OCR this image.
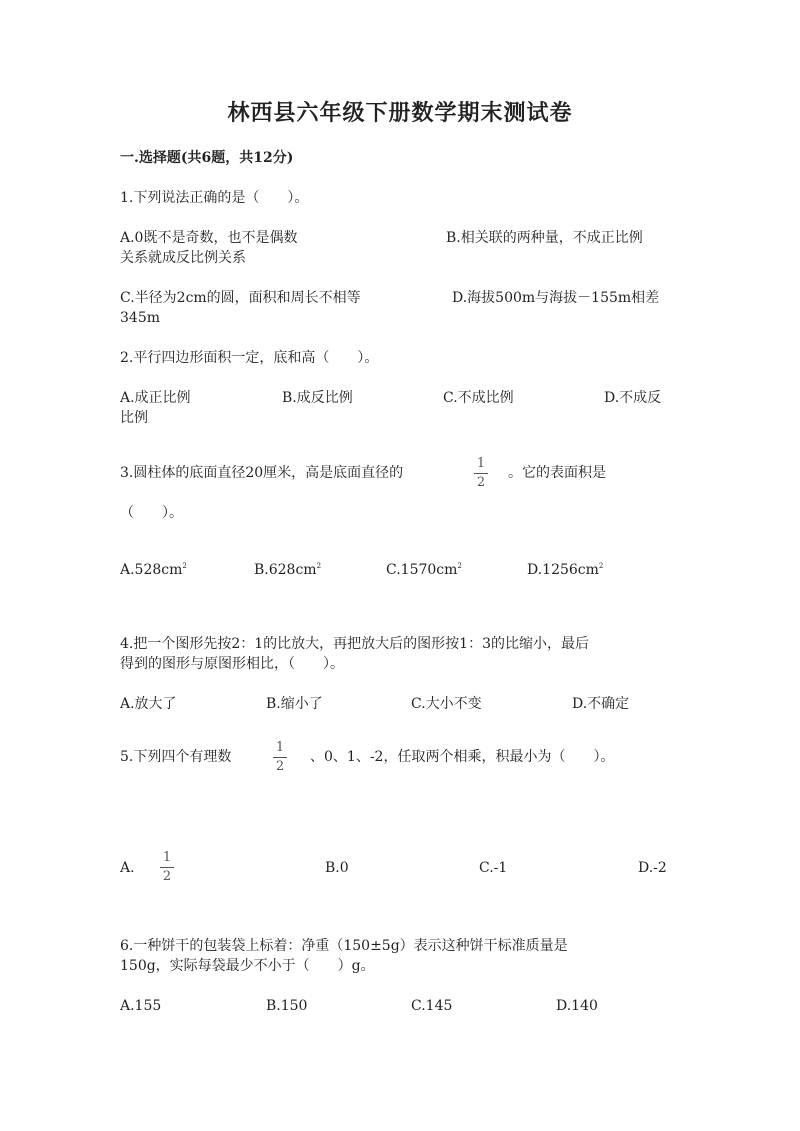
林西县六年级下册数学期末测试卷
一.选择题(共6题，共12分)
1.下列说法正确的是（　　）。
A.0既不是奇数，也不是偶数	B.相关联的两种量，不成正比例
关系就成反比例关系
C.半径为2cm的圆，面积和周长不相等	D.海拔500m与海拔－155m相差
345m
2.平行四边形面积一定，底和高（　　）。
A.成正比例	B.成反比例	C.不成比例	D.不成反
比例
3.圆柱体的底面直径20厘米，高是底面直径的
1
2
。它的表面积是
（　　）。
$A.528cm^2$	$B.628cm^2$	$C.1570cm^2$	$D.1256cm^2$
4.把一个图形先按2：1的比放大，再把放大后的图形按1：3的比缩小，最后
得到的图形与原图形相比，（　　）。
A.放大了	B.缩小了	C.大小不变	D.不确定
5.下列四个有理数
1
2
、0、1、-2，任取两个相乘，积最小为（　　）。
A.
1
2
B.0	C.-1	D.-2
6.一种饼干的包装袋上标着：净重（150±5g）表示这种饼干标准质量是
150g，实际每袋最少不小于（　　）g。
A.155	B.150	C.145	D.140
